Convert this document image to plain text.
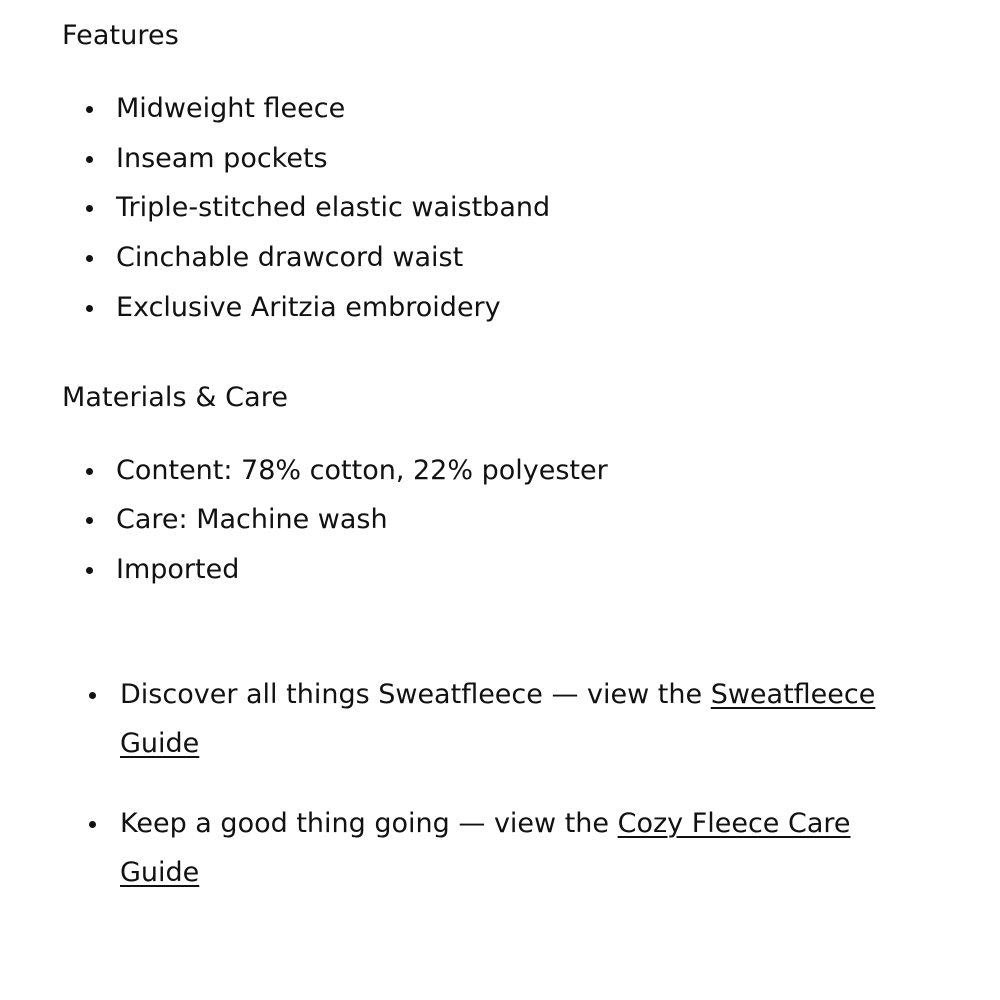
Features
Midweight fleece
Inseam pockets
Triple-stitched elastic waistband
Cinchable drawcord waist
Exclusive Aritzia embroidery
Materials & Care
Content: 78% cotton, 22% polyester
Care: Machine wash
Imported
Discover all things Sweatfleece — view the Sweatfleece Guide
Keep a good thing going — view the Cozy Fleece Care Guide
